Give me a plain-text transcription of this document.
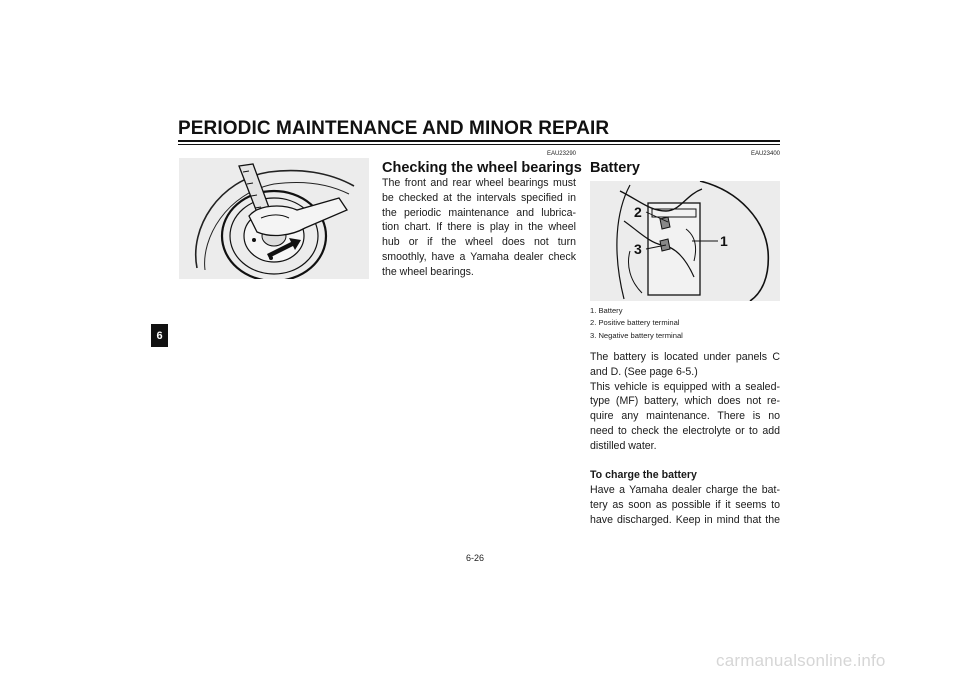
PERIODIC MAINTENANCE AND MINOR REPAIR
6
EAU23290
Checking the wheel bearings
The front and rear wheel bearings must
be checked at the intervals specified in
the periodic maintenance and lubrica-
tion chart. If there is play in the wheel
hub or if the wheel does not turn
smoothly, have a Yamaha dealer check
the wheel bearings.
EAU23400
Battery
2
3	1
1. Battery
2. Positive battery terminal
3. Negative battery terminal
The battery is located under panels C
and D. (See page 6-5.)
This vehicle is equipped with a sealed-
type (MF) battery, which does not re-
quire any maintenance. There is no
need to check the electrolyte or to add
distilled water.
To charge the battery
Have a Yamaha dealer charge the bat-
tery as soon as possible if it seems to
have discharged. Keep in mind that the
6-26
carmanualsonline.info
